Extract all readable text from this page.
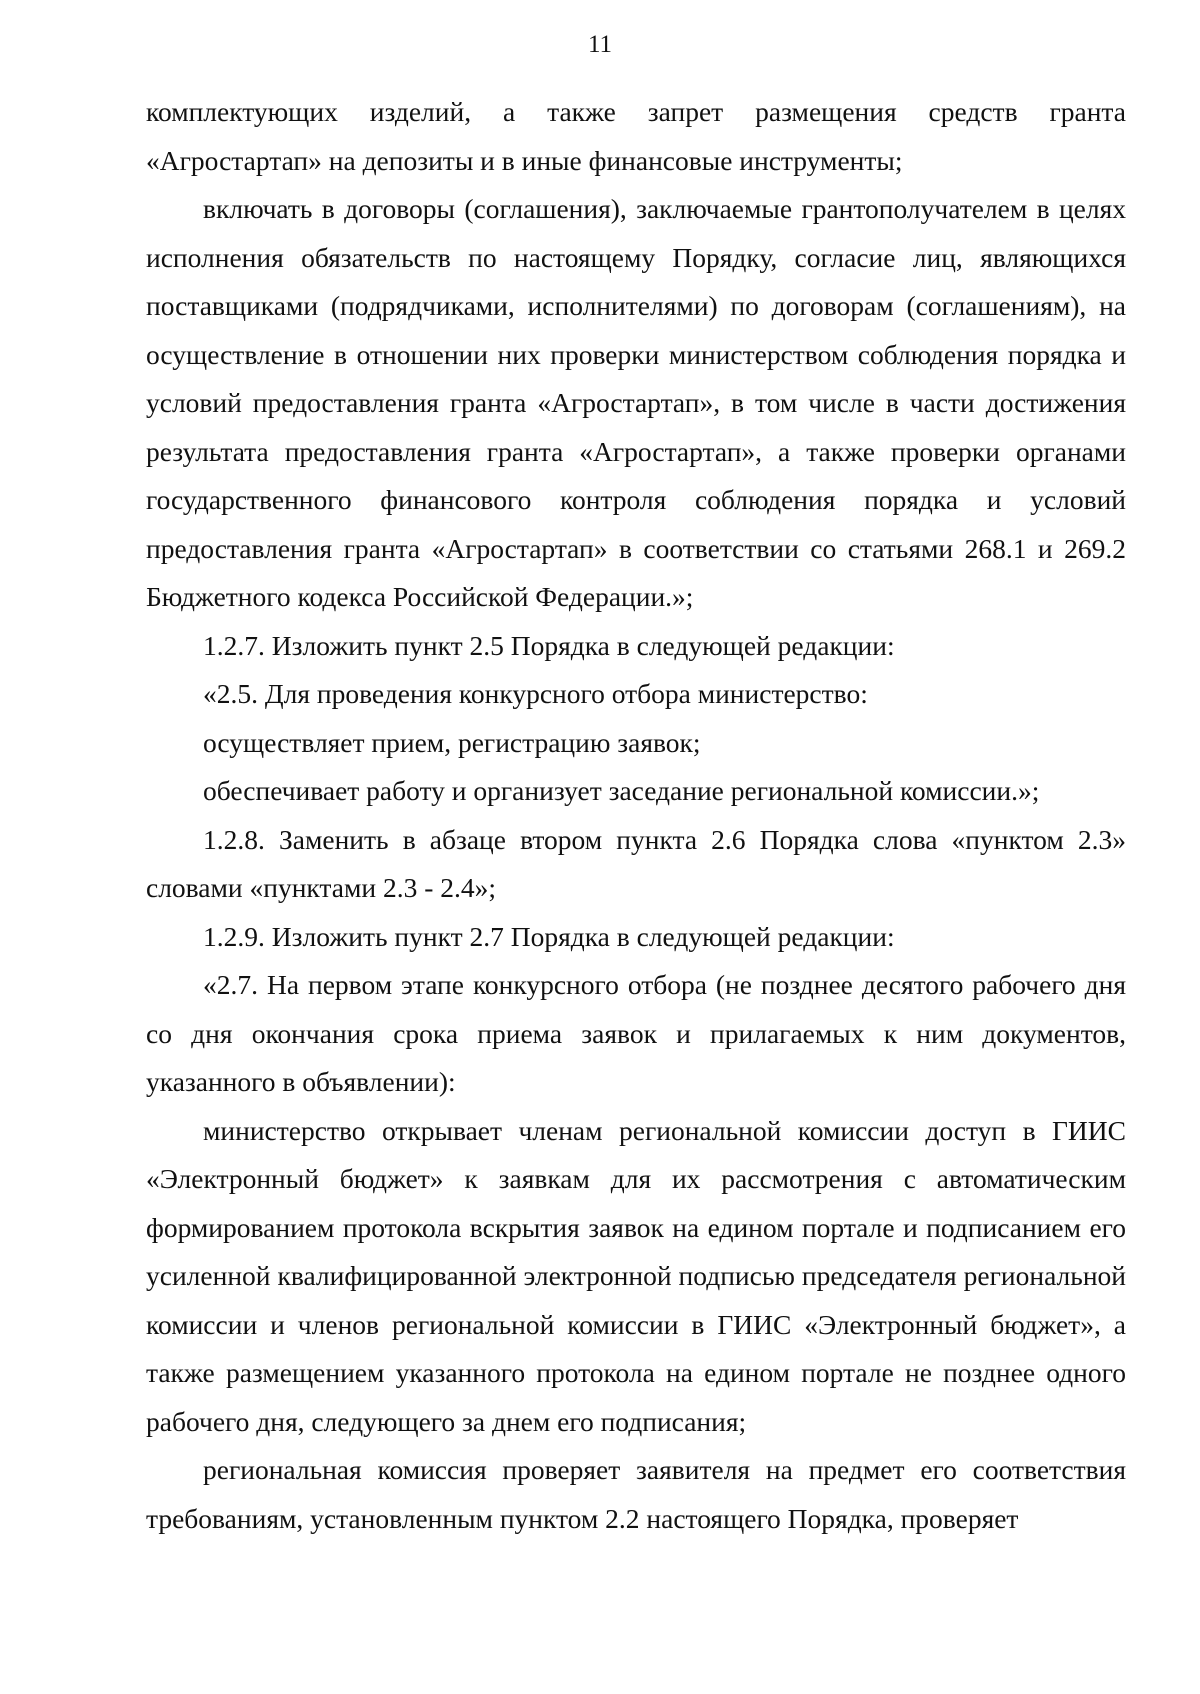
11

комплектующих изделий, а также запрет размещения средств гранта «Агростартап» на депозиты и в иные финансовые инструменты;

включать в договоры (соглашения), заключаемые грантополучателем в целях исполнения обязательств по настоящему Порядку, согласие лиц, являющихся поставщиками (подрядчиками, исполнителями) по договорам (соглашениям), на осуществление в отношении них проверки министерством соблюдения порядка и условий предоставления гранта «Агростартап», в том числе в части достижения результата предоставления гранта «Агростартап», а также проверки органами государственного финансового контроля соблюдения порядка и условий предоставления гранта «Агростартап» в соответствии со статьями 268.1 и 269.2 Бюджетного кодекса Российской Федерации.»;

1.2.7. Изложить пункт 2.5 Порядка в следующей редакции:

«2.5. Для проведения конкурсного отбора министерство:

осуществляет прием, регистрацию заявок;

обеспечивает работу и организует заседание региональной комиссии.»;

1.2.8. Заменить в абзаце втором пункта 2.6 Порядка слова «пунктом 2.3» словами «пунктами 2.3 - 2.4»;

1.2.9. Изложить пункт 2.7 Порядка в следующей редакции:

«2.7. На первом этапе конкурсного отбора (не позднее десятого рабочего дня со дня окончания срока приема заявок и прилагаемых к ним документов, указанного в объявлении):

министерство открывает членам региональной комиссии доступ в ГИИС «Электронный бюджет» к заявкам для их рассмотрения с автоматическим формированием протокола вскрытия заявок на едином портале и подписанием его усиленной квалифицированной электронной подписью председателя региональной комиссии и членов региональной комиссии в ГИИС «Электронный бюджет», а также размещением указанного протокола на едином портале не позднее одного рабочего дня, следующего за днем его подписания;

региональная комиссия проверяет заявителя на предмет его соответствия требованиям, установленным пунктом 2.2 настоящего Порядка, проверяет
